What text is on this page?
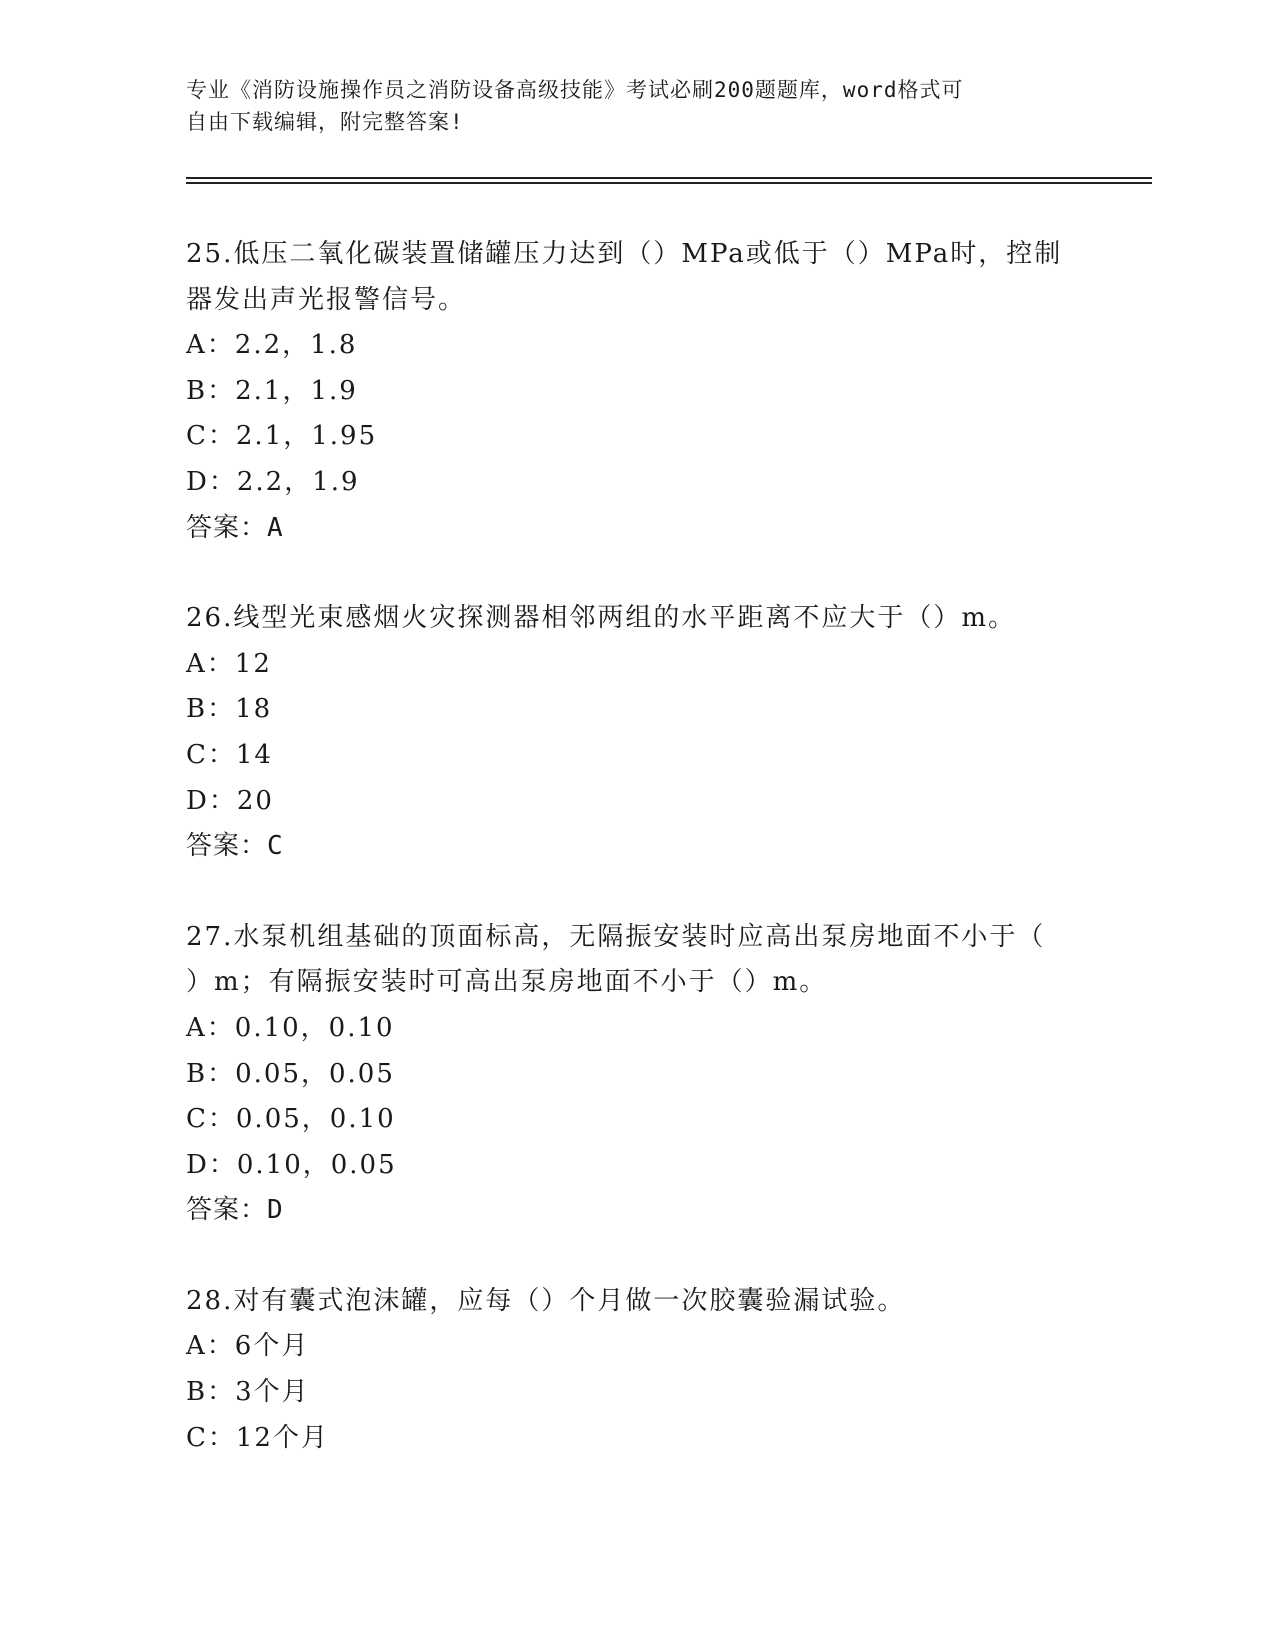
专业《消防设施操作员之消防设备高级技能》考试必刷200题题库，word格式可
自由下载编辑，附完整答案!
25.低压二氧化碳装置储罐压力达到（）MPa或低于（）MPa时，控制
器发出声光报警信号。
A：2.2，1.8
B：2.1，1.9
C：2.1，1.95
D：2.2，1.9
答案：A
26.线型光束感烟火灾探测器相邻两组的水平距离不应大于（）m。
A：12
B：18
C：14
D：20
答案：C
27.水泵机组基础的顶面标高，无隔振安装时应高出泵房地面不小于（
）m；有隔振安装时可高出泵房地面不小于（）m。
A：0.10，0.10
B：0.05，0.05
C：0.05，0.10
D：0.10，0.05
答案：D
28.对有囊式泡沫罐，应每（）个月做一次胶囊验漏试验。
A：6个月
B：3个月
C：12个月
